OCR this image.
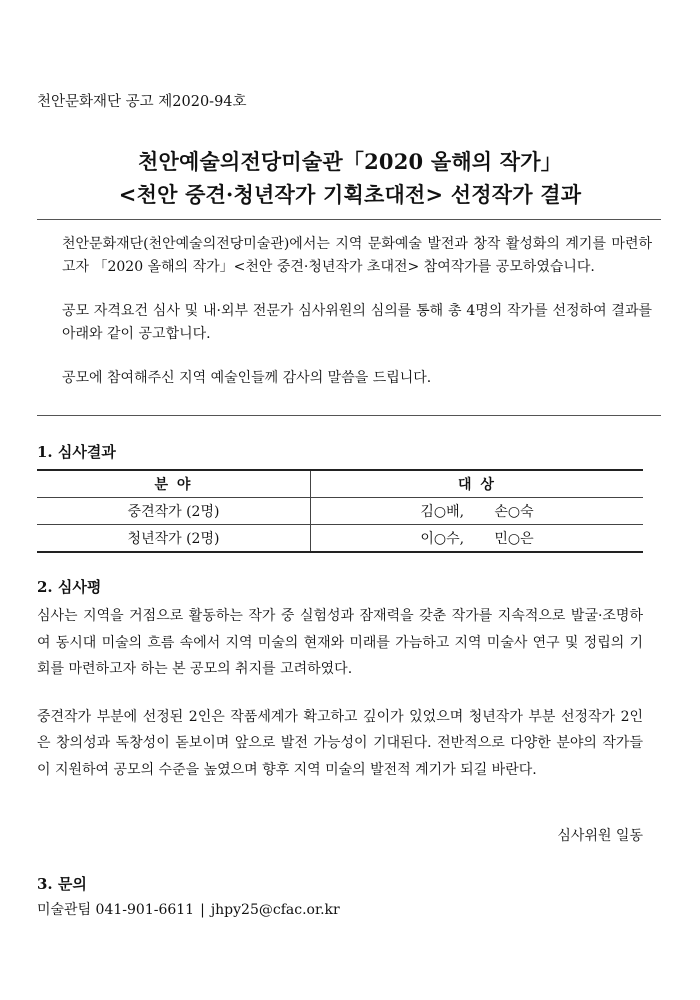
천안문화재단 공고 제2020-94호
천안예술의전당미술관「2020 올해의 작가」
<천안 중견·청년작가 기획초대전> 선정작가 결과

천안문화재단(천안예술의전당미술관)에서는 지역 문화예술 발전과 창작 활성화의 계기를 마련하고자 「2020 올해의 작가」<천안 중견·청년작가 초대전> 참여작가를 공모하였습니다.

공모 자격요건 심사 및 내·외부 전문가 심사위원의 심의를 통해 총 4명의 작가를 선정하여 결과를 아래와 같이 공고합니다.

공모에 참여해주신 지역 예술인들께 감사의 말씀을 드립니다.

1. 심사결과
분 야	대 상
중견작가 (2명)	김○배, 손○숙
청년작가 (2명)	이○수, 민○은
2. 심사평

심사는 지역을 거점으로 활동하는 작가 중 실험성과 잠재력을 갖춘 작가를 지속적으로 발굴·조명하여 동시대 미술의 흐름 속에서 지역 미술의 현재와 미래를 가늠하고 지역 미술사 연구 및 정립의 기회를 마련하고자 하는 본 공모의 취지를 고려하였다.

중견작가 부분에 선정된 2인은 작품세계가 확고하고 깊이가 있었으며 청년작가 부분 선정작가 2인은 창의성과 독창성이 돋보이며 앞으로 발전 가능성이 기대된다. 전반적으로 다양한 분야의 작가들이 지원하여 공모의 수준을 높였으며 향후 지역 미술의 발전적 계기가 되길 바란다.

심사위원 일동
3. 문의
미술관팀 041-901-6611 | jhpy25@cfac.or.kr
